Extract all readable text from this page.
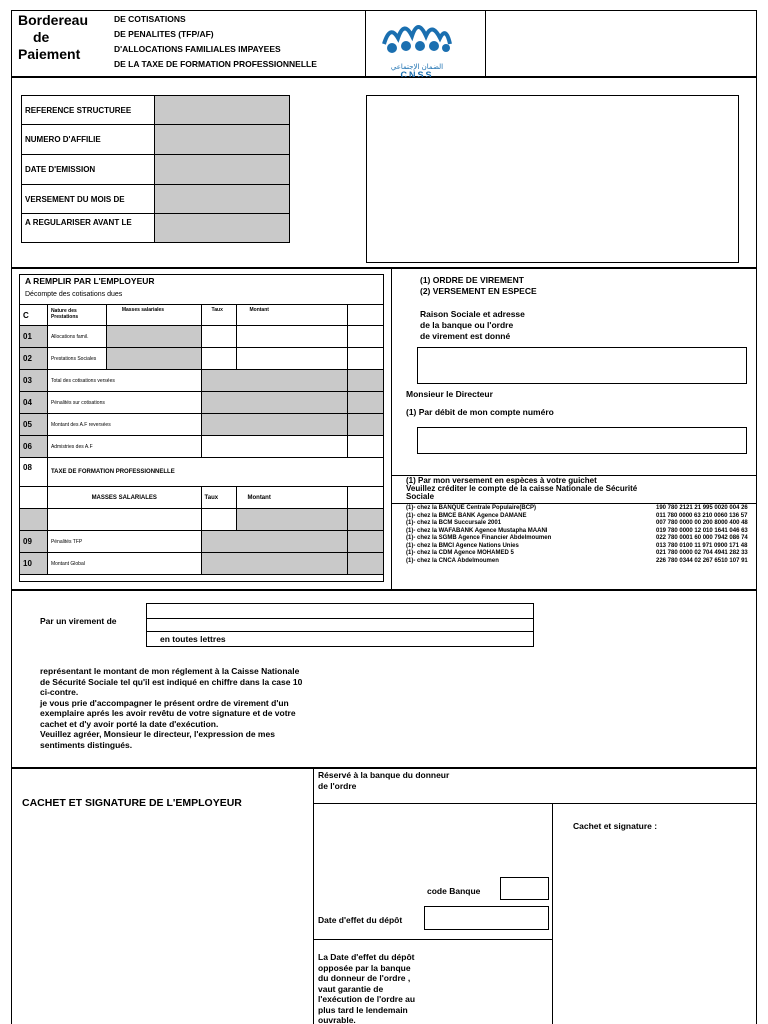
Bordereau
de
Paiement
DE COTISATIONS
DE PENALITES (TFP/AF)
D'ALLOCATIONS FAMILIALES IMPAYEES
DE LA TAXE DE FORMATION PROFESSIONNELLE	الضمان الإجتماعي
CNSS
REFERENCE STRUCTUREE	
NUMERO D'AFFILIE	
DATE D'EMISSION	
VERSEMENT DU MOIS DE	
A REGULARISER AVANT LE	
A REMPLIR PAR L'EMPLOYEUR
Décompte des cotisations dues
C	Nature des Prestations	Masses salariales	Taux	Montant	
01	Allocations famil.				
02	Prestations Sociales				
03	Total des cotisations versées				
04	Pénalités sur cotisations				
05	Montant des A.F reversées				
06	Admistries des A.F				
08	TAXE DE FORMATION PROFESSIONNELLE				
	MASSES SALARIALES		Taux	Montant	

09	Pénalités TFP				
10	Montant Global				
(1) ORDRE DE VIREMENT
(2) VERSEMENT EN ESPECE
Raison Sociale et adresse
de la banque ou l'ordre
de virement est donné
Monsieur le Directeur
(1) Par débit de mon compte numéro
(1) Par mon versement en espèces à votre guichet
Veuillez créditer le compte de la caisse Nationale de Sécurité Sociale
(1)- chez la BANQUE Centrale Populaire(BCP)	190 780 2121 21 995 0020 004 26
(1)- chez la BMCE BANK Agence DAMANE	011 780 0000 63 210 0060 136 57
(1)- chez la BCM Succursale 2001	007 780 0000 00 200 8000 400 48
(1)- chez la WAFABANK Agence Mustapha MAANI	019 780 0000 12 010 1641 046 63
(1)- chez la SGMB Agence Financier Abdelmoumen	022 780 0001 60 000 7942 086 74
(1)- chez la BMCI Agence Nations Unies	013 780 0100 11 971 0900 171 48
(1)- chez la CDM Agence MOHAMED 5	021 780 0000 02 704 4941 282 33
(1)- chez la CNCA Abdelmoumen	226 780 0344 02 267 6510 107 91
Par un virement de
en toutes lettres
représentant le montant de mon réglement à la Caisse Nationale
de Sécurité Sociale tel qu'il est indiqué en chiffre dans la case 10
ci-contre.
je vous prie d'accompagner le présent ordre de virement d'un
exemplaire aprés les avoir revêtu de votre signature et de votre
cachet et d'y avoir porté la date d'exécution.
Veuillez agréer, Monsieur le directeur, l'expression de mes
sentiments distingués.
CACHET ET SIGNATURE DE L'EMPLOYEUR
Réservé à la banque du donneur
de l'ordre
Cachet et signature :
code Banque
Date d'effet du dépôt
La Date d'effet du dépôt
opposée par la banque
du donneur de l'ordre ,
vaut garantie de
l'exécution de l'ordre au
plus tard le lendemain
ouvrable.
